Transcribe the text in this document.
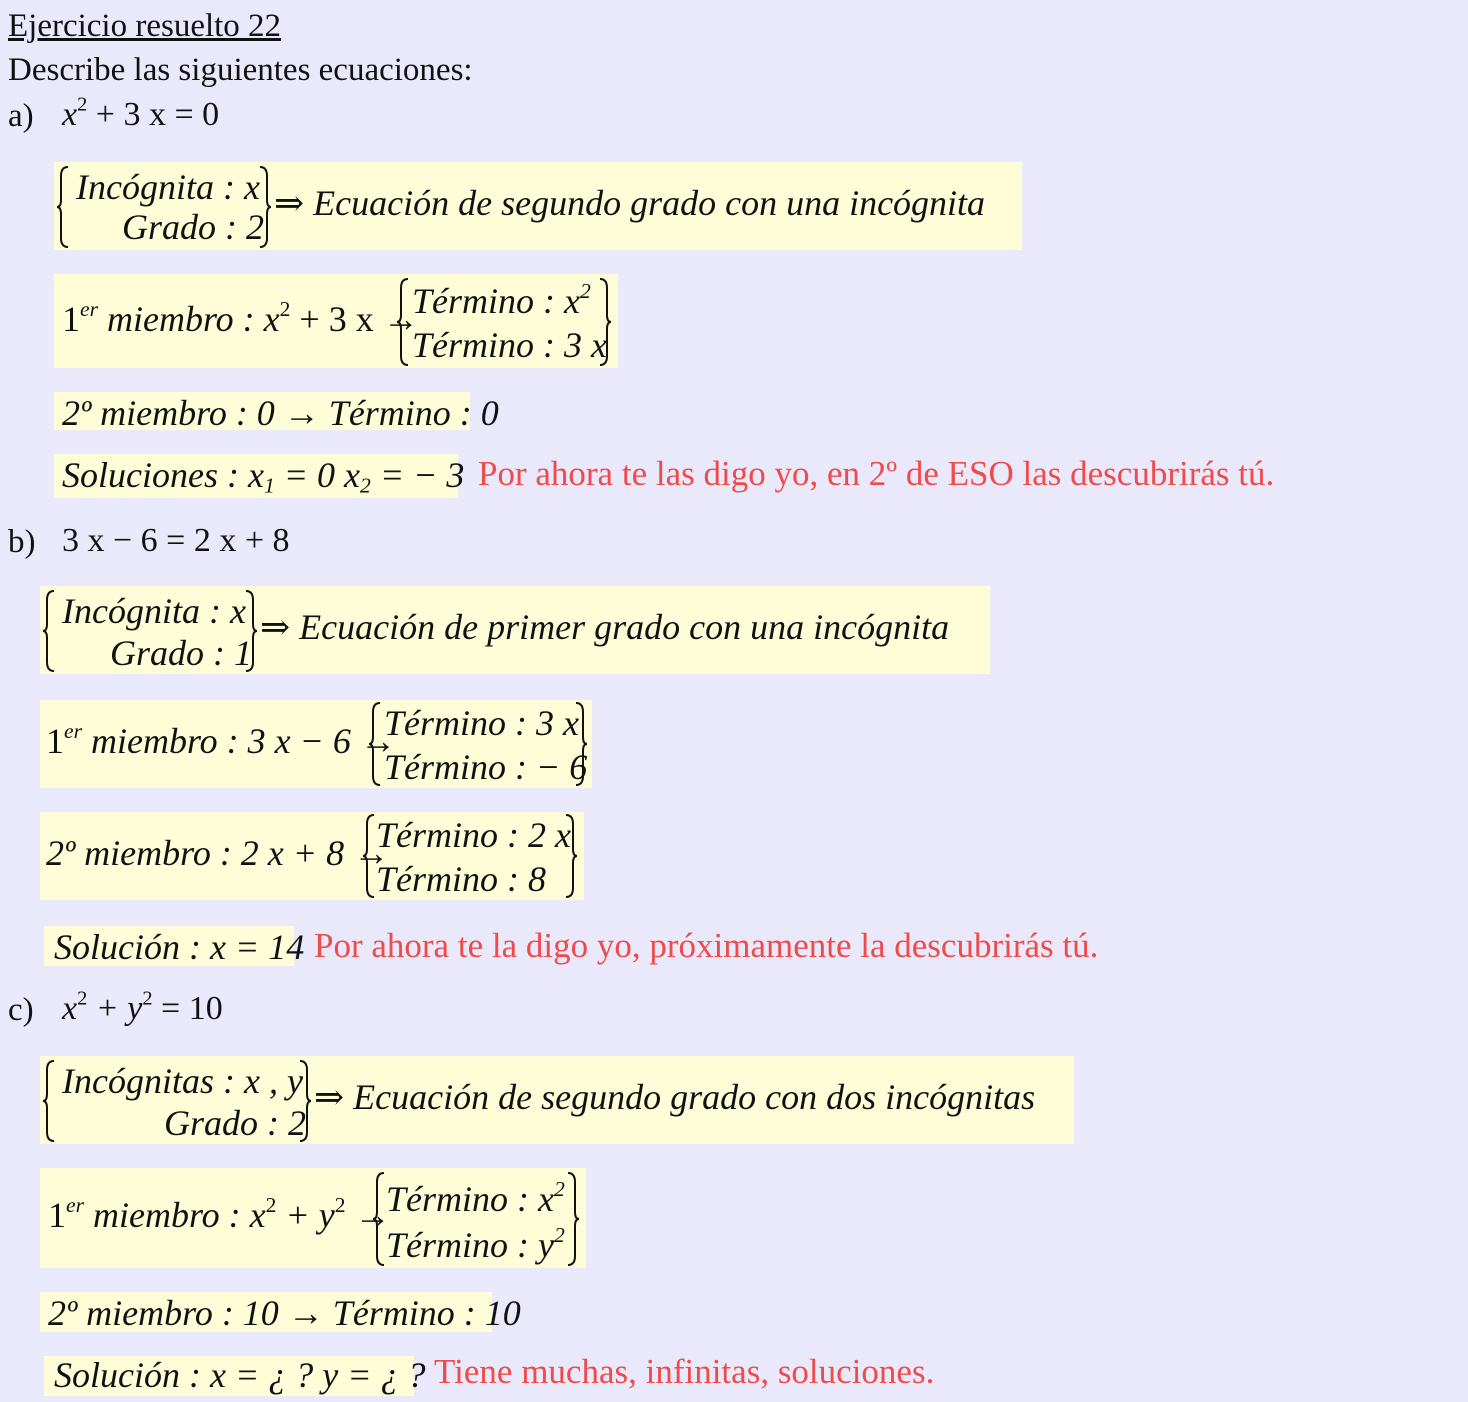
Ejercicio resuelto 22
Describe las siguientes ecuaciones:
a) $x^2 + 3$ x = 0
Incógnita : x
Grado : 2
⇒ Ecuación de segundo grado con una incógnita
1er miembro : $x^2 + 3$ x →
Término : $x^2$
Término : 3 x
2º miembro : 0 → Término : 0
Soluciones : $x_1 = 0$ $x_2$ = − 3 Por ahora te las digo yo, en 2º de ESO las descubrirás tú.
b) 3 x − 6 = 2 x + 8
Incógnita : x
Grado : 1
⇒ Ecuación de primer grado con una incógnita
1er miembro : 3 x − 6 →
Término : 3 x
Término : − 6
2º miembro : 2 x + 8 →
Término : 2 x
Término : 8
Solución : x = 14 Por ahora te la digo yo, próximamente la descubrirás tú.
c) $x^2 + y^2 = 10$
Incógnitas : x , y
Grado : 2
⇒ Ecuación de segundo grado con dos incógnitas
1er miembro : $x^2 + y^2$ →
Término : $x^2$
Término : $y^2$
2º miembro : 10 → Término : 10
Solución : x = ¿ ? y = ¿ ? Tiene muchas, infinitas, soluciones.
